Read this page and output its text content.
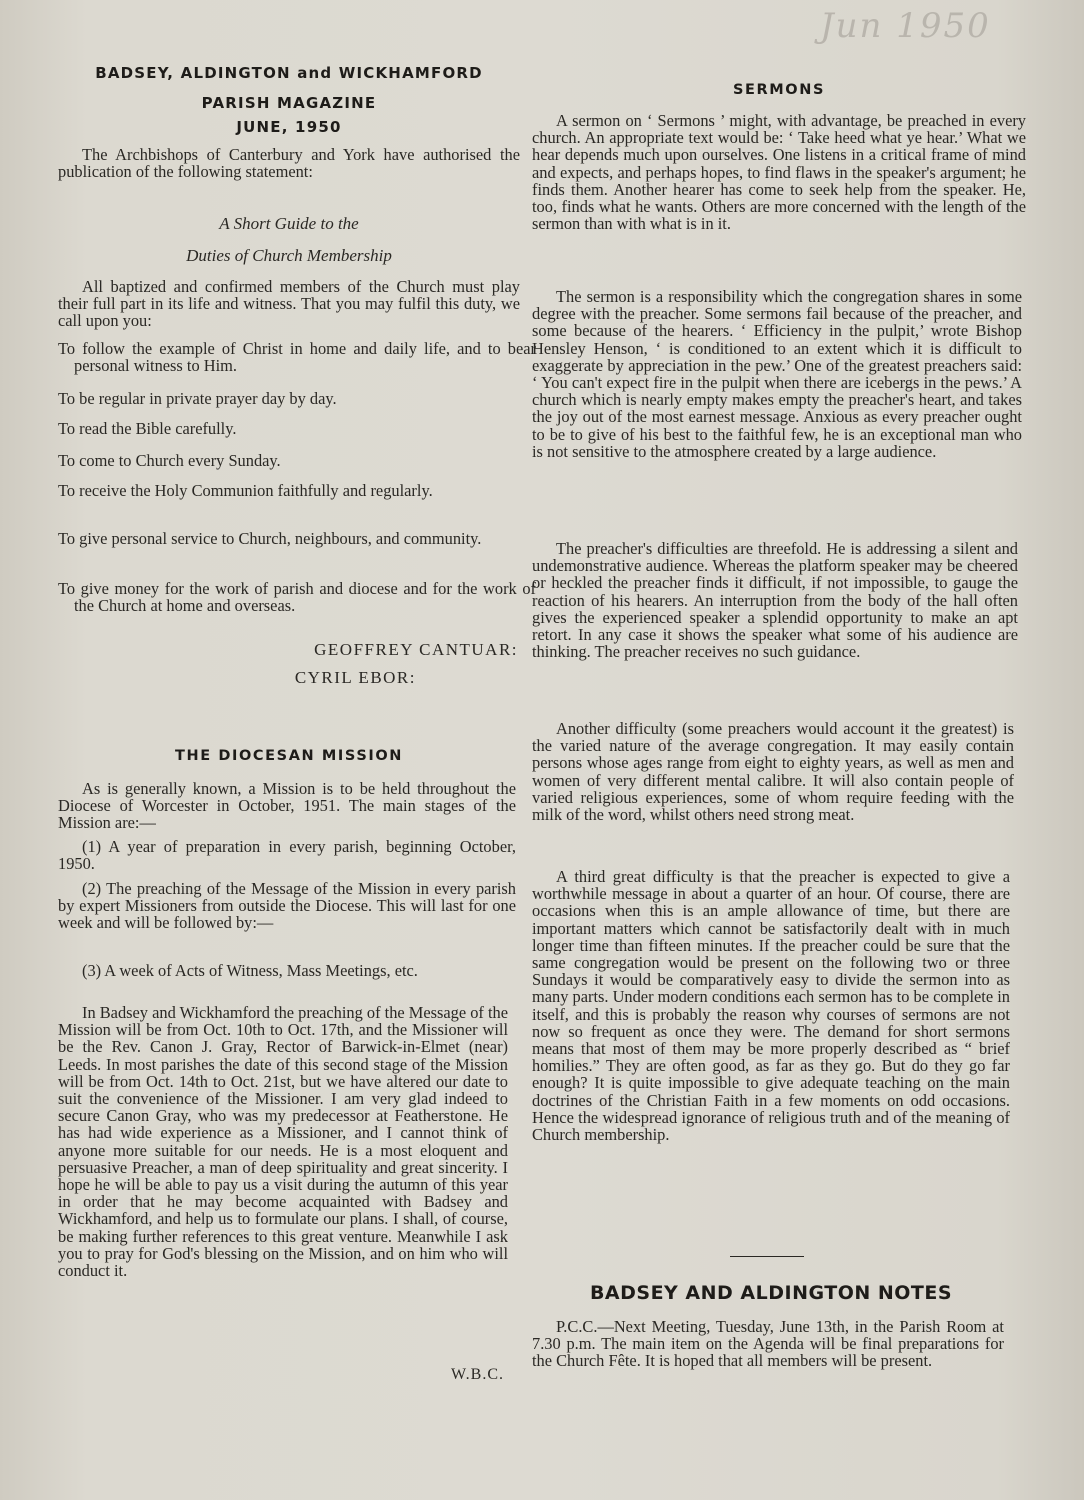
Jun 1950
BADSEY, ALDINGTON and WICKHAMFORD
PARISH MAGAZINE
JUNE, 1950

The Archbishops of Canterbury and York have authorised the publication of the following statement:

A Short Guide to the
Duties of Church Membership

All baptized and confirmed members of the Church must play their full part in its life and witness. That you may fulfil this duty, we call upon you:

To follow the example of Christ in home and daily life, and to bear personal witness to Him.

To be regular in private prayer day by day.

To read the Bible carefully.

To come to Church every Sunday.

To receive the Holy Communion faithfully and regularly.

To give personal service to Church, neighbours, and community.

To give money for the work of parish and diocese and for the work of the Church at home and overseas.

GEOFFREY CANTUAR:
CYRIL EBOR:
THE DIOCESAN MISSION

As is generally known, a Mission is to be held throughout the Diocese of Worcester in October, 1951. The main stages of the Mission are:—

(1) A year of preparation in every parish, beginning October, 1950.

(2) The preaching of the Message of the Mission in every parish by expert Missioners from outside the Diocese. This will last for one week and will be followed by:—

(3) A week of Acts of Witness, Mass Meetings, etc.

In Badsey and Wickhamford the preaching of the Message of the Mission will be from Oct. 10th to Oct. 17th, and the Missioner will be the Rev. Canon J. Gray, Rector of Barwick-in-Elmet (near) Leeds. In most parishes the date of this second stage of the Mission will be from Oct. 14th to Oct. 21st, but we have altered our date to suit the convenience of the Missioner. I am very glad indeed to secure Canon Gray, who was my predecessor at Featherstone. He has had wide experience as a Missioner, and I cannot think of anyone more suitable for our needs. He is a most eloquent and persuasive Preacher, a man of deep spirituality and great sincerity. I hope he will be able to pay us a visit during the autumn of this year in order that he may become acquainted with Badsey and Wickhamford, and help us to formulate our plans. I shall, of course, be making further references to this great venture. Meanwhile I ask you to pray for God's blessing on the Mission, and on him who will conduct it.

W.B.C.
SERMONS

A sermon on ‘ Sermons ’ might, with advantage, be preached in every church. An appropriate text would be: ‘ Take heed what ye hear.’ What we hear depends much upon ourselves. One listens in a critical frame of mind and expects, and perhaps hopes, to find flaws in the speaker's argument; he finds them. Another hearer has come to seek help from the speaker. He, too, finds what he wants. Others are more concerned with the length of the sermon than with what is in it.

The sermon is a responsibility which the congregation shares in some degree with the preacher. Some sermons fail because of the preacher, and some because of the hearers. ‘ Efficiency in the pulpit,’ wrote Bishop Hensley Henson, ‘ is conditioned to an extent which it is difficult to exaggerate by appreciation in the pew.’ One of the greatest preachers said: ‘ You can't expect fire in the pulpit when there are icebergs in the pews.’ A church which is nearly empty makes empty the preacher's heart, and takes the joy out of the most earnest message. Anxious as every preacher ought to be to give of his best to the faithful few, he is an exceptional man who is not sensitive to the atmosphere created by a large audience.

The preacher's difficulties are threefold. He is addressing a silent and undemonstrative audience. Whereas the platform speaker may be cheered or heckled the preacher finds it difficult, if not impossible, to gauge the reaction of his hearers. An interruption from the body of the hall often gives the experienced speaker a splendid opportunity to make an apt retort. In any case it shows the speaker what some of his audience are thinking. The preacher receives no such guidance.

Another difficulty (some preachers would account it the greatest) is the varied nature of the average congregation. It may easily contain persons whose ages range from eight to eighty years, as well as men and women of very different mental calibre. It will also contain people of varied religious experiences, some of whom require feeding with the milk of the word, whilst others need strong meat.

A third great difficulty is that the preacher is expected to give a worthwhile message in about a quarter of an hour. Of course, there are occasions when this is an ample allowance of time, but there are important matters which cannot be satisfactorily dealt with in much longer time than fifteen minutes. If the preacher could be sure that the same congregation would be present on the following two or three Sundays it would be comparatively easy to divide the sermon into as many parts. Under modern conditions each sermon has to be complete in itself, and this is probably the reason why courses of sermons are not now so frequent as once they were. The demand for short sermons means that most of them may be more properly described as “ brief homilies.” They are often good, as far as they go. But do they go far enough? It is quite impossible to give adequate teaching on the main doctrines of the Christian Faith in a few moments on odd occasions. Hence the widespread ignorance of religious truth and of the meaning of Church membership.

BADSEY AND ALDINGTON NOTES

P.C.C.—Next Meeting, Tuesday, June 13th, in the Parish Room at 7.30 p.m. The main item on the Agenda will be final preparations for the Church Fête. It is hoped that all members will be present.
